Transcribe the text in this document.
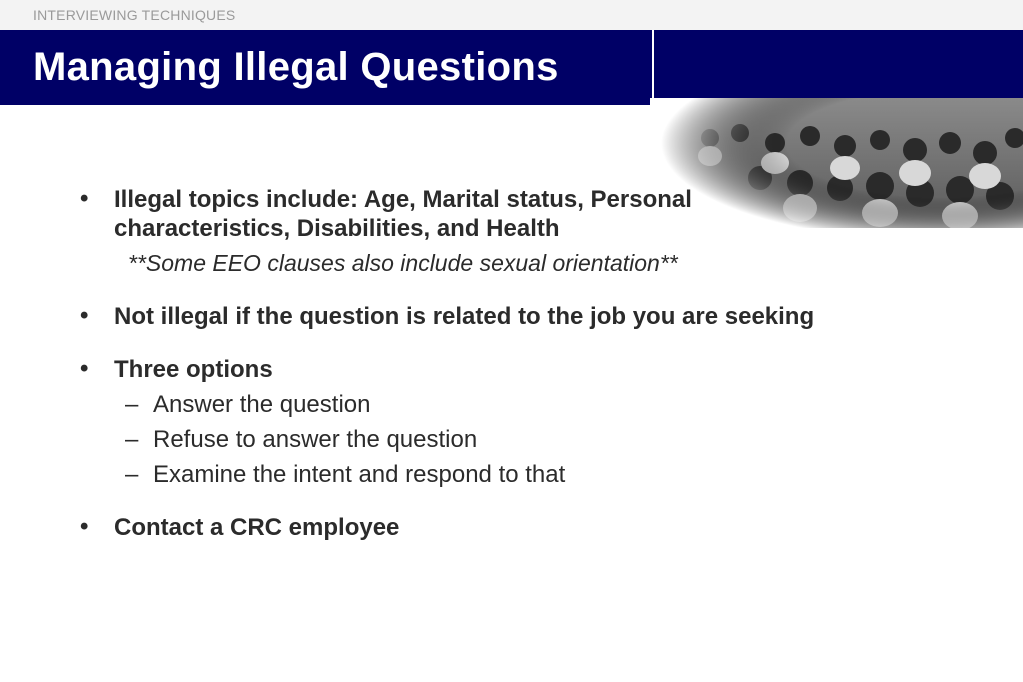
INTERVIEWING TECHNIQUES
Managing Illegal Questions
• Illegal topics include: Age, Marital status, Personal
characteristics, Disabilities, and Health
**Some EEO clauses also include sexual orientation**
• Not illegal if the question is related to the job you are seeking
• Three options
– Answer the question
– Refuse to answer the question
– Examine the intent and respond to that
• Contact a CRC employee
